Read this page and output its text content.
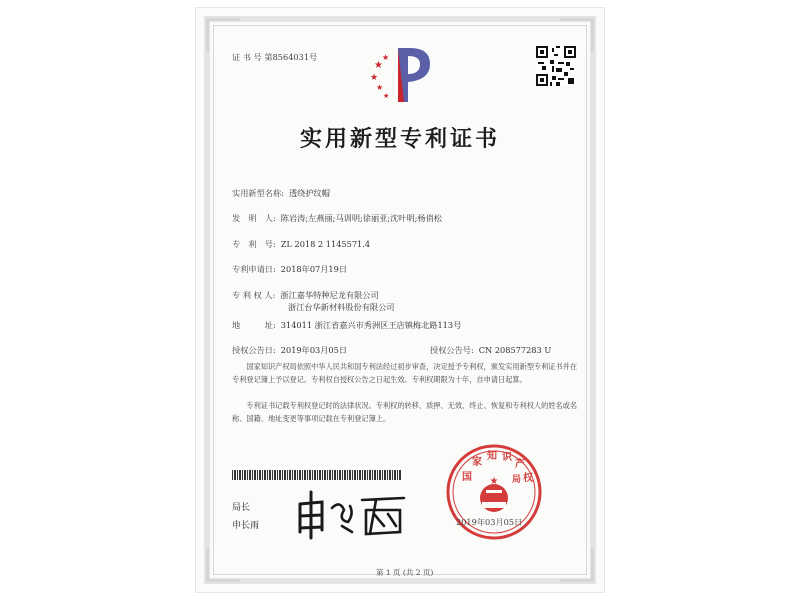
证 书 号 第8564031号
★
★
★
★
★
实用新型专利证书
实用新型名称: 透绕护纹帽
发　明　人: 陈岩涛;左燕丽;马训明;徐丽亚;沈叶明;杨俏松
专　利　号: ZL 2018 2 1145571.4
专利申请日: 2018年07月19日
专 利 权 人: 浙江嘉华特种尼龙有限公司
浙江台华新材料股份有限公司
地　　　址: 314011 浙江省嘉兴市秀洲区王店镇梅北路113号
授权公告日: 2019年03月05日	授权公告号: CN 208577283 U
国家知识产权局依照中华人民共和国专利法经过初步审查，决定授予专利权，颁发实用新型专利证书并在专利登记簿上予以登记。专利权自授权公告之日起生效。专利权期限为十年，自申请日起算。
专利证书记载专利权登记时的法律状况。专利权的转移、质押、无效、终止、恢复和专利权人的姓名或名称、国籍、地址变更等事项记载在专利登记簿上。
局长
申长雨
★
国
家
知 识
产
权
局
2019年03月05日
第 1 页 (共 2 页)
